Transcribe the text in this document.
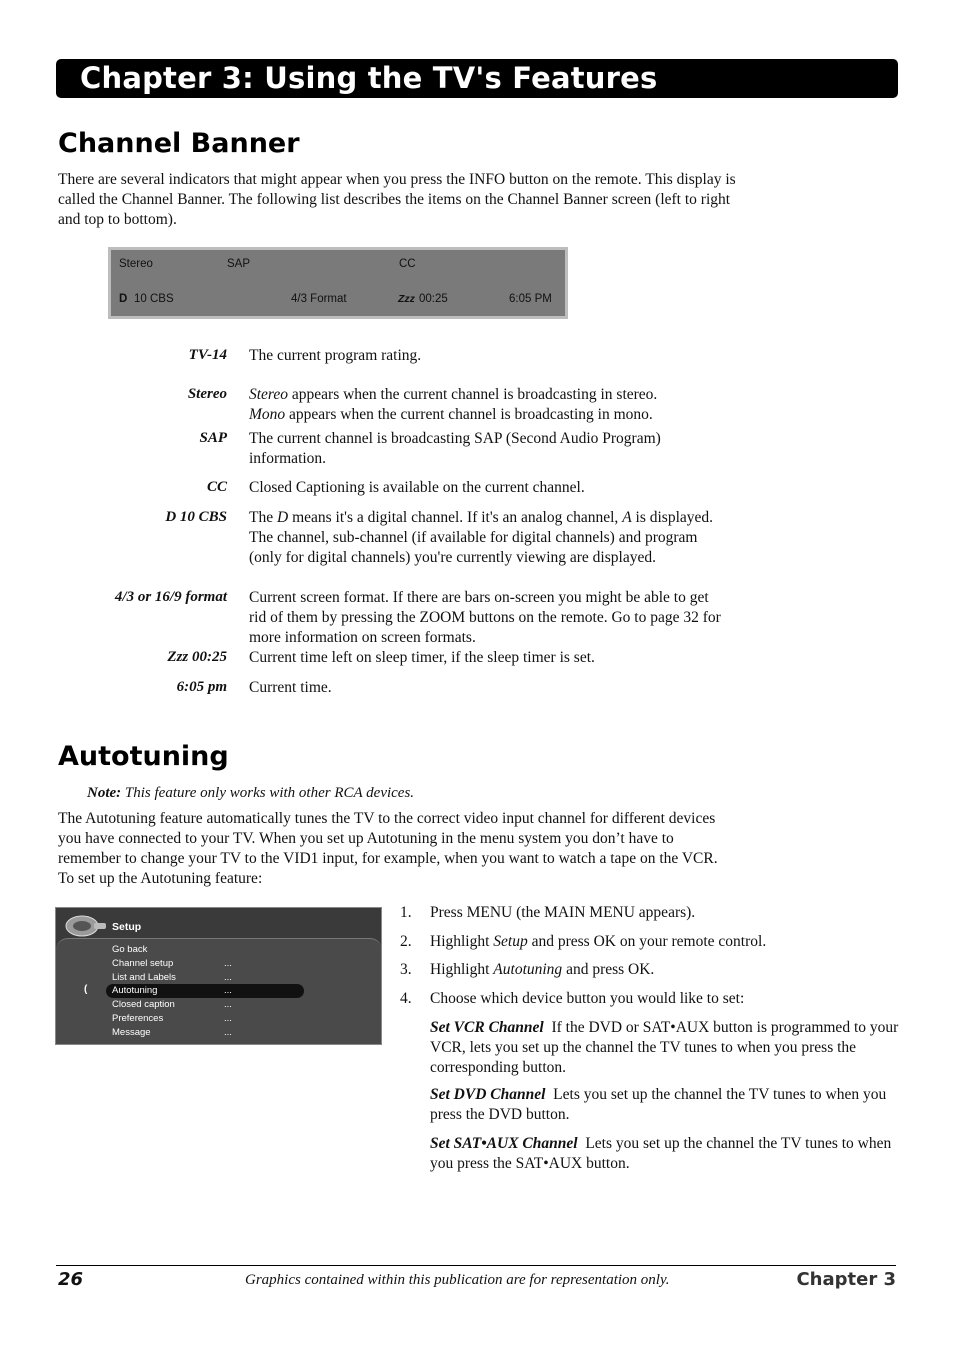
Chapter 3: Using the TV's Features
Channel Banner
There are several indicators that might appear when you press the INFO button on the remote. This display is called the Channel Banner. The following list describes the items on the Channel Banner screen (left to right and top to bottom).
Stereo	SAP	CC
D 10 CBS	4/3 Format	Zzz 00:25	6:05 PM
TV-14 The current program rating.
Stereo Stereo appears when the current channel is broadcasting in stereo.
Mono appears when the current channel is broadcasting in mono.
SAP The current channel is broadcasting SAP (Second Audio Program) information.
CC Closed Captioning is available on the current channel.
D 10 CBS The D means it's a digital channel. If it's an analog channel, A is displayed. The channel, sub-channel (if available for digital channels) and program (only for digital channels) you're currently viewing are displayed.
4/3 or 16/9 format Current screen format. If there are bars on-screen you might be able to get rid of them by pressing the ZOOM buttons on the remote. Go to page 32 for more information on screen formats.
Zzz 00:25 Current time left on sleep timer, if the sleep timer is set.
6:05 pm Current time.
Autotuning
Note: This feature only works with other RCA devices.
The Autotuning feature automatically tunes the TV to the correct video input channel for different devices you have connected to your TV. When you set up Autotuning in the menu system you don’t have to remember to change your TV to the VID1 input, for example, when you want to watch a tape on the VCR. To set up the Autotuning feature:
Setup
(
Go back
Channel setup	...
List and Labels	...
Autotuning	...
Closed caption	...
Preferences	...
Message	...
1. Press MENU (the MAIN MENU appears).
2. Highlight Setup and press OK on your remote control.
3. Highlight Autotuning and press OK.
4. Choose which device button you would like to set:
Set VCR Channel If the DVD or SAT•AUX button is programmed to your VCR, lets you set up the channel the TV tunes to when you press the corresponding button.
Set DVD Channel Lets you set up the channel the TV tunes to when you press the DVD button.
Set SAT•AUX Channel Lets you set up the channel the TV tunes to when you press the SAT•AUX button.
26	Graphics contained within this publication are for representation only.	Chapter 3
